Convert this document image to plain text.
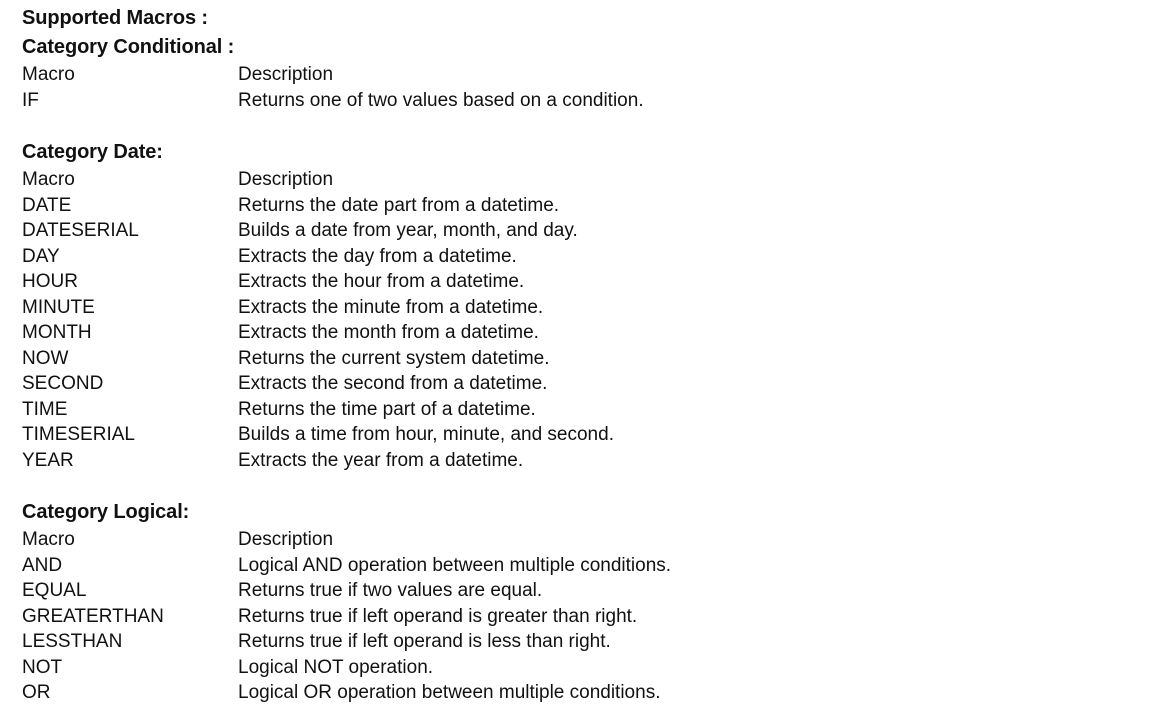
Supported Macros :
Category Conditional :
Macro	Description
IF	Returns one of two values based on a condition.
Category Date:
Macro	Description
DATE	Returns the date part from a datetime.
DATESERIAL	Builds a date from year, month, and day.
DAY	Extracts the day from a datetime.
HOUR	Extracts the hour from a datetime.
MINUTE	Extracts the minute from a datetime.
MONTH	Extracts the month from a datetime.
NOW	Returns the current system datetime.
SECOND	Extracts the second from a datetime.
TIME	Returns the time part of a datetime.
TIMESERIAL	Builds a time from hour, minute, and second.
YEAR	Extracts the year from a datetime.
Category Logical:
Macro	Description
AND	Logical AND operation between multiple conditions.
EQUAL	Returns true if two values are equal.
GREATERTHAN	Returns true if left operand is greater than right.
LESSTHAN	Returns true if left operand is less than right.
NOT	Logical NOT operation.
OR	Logical OR operation between multiple conditions.
